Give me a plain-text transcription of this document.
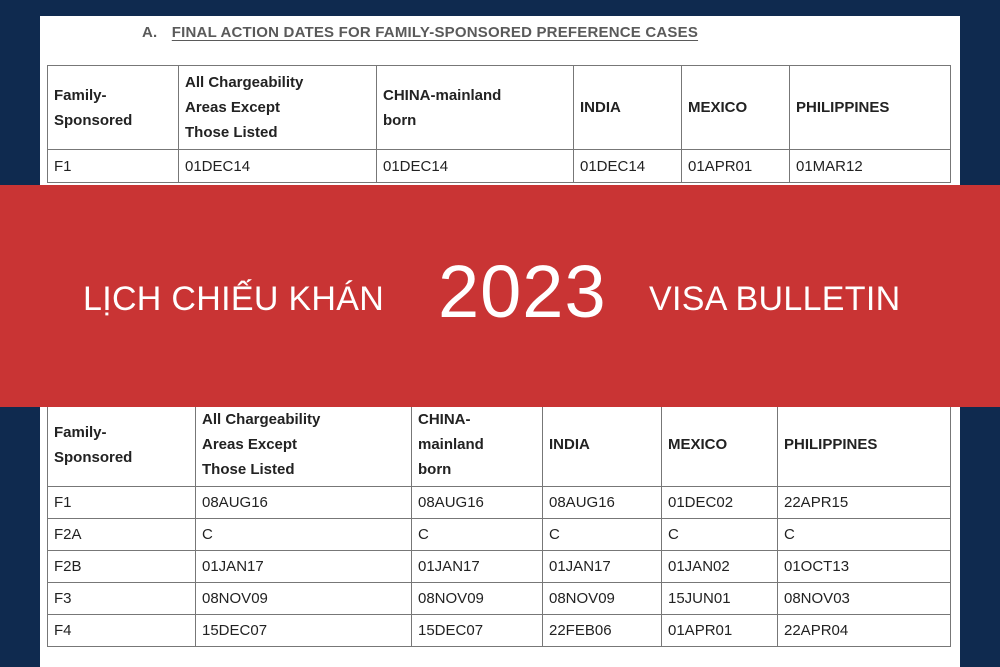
A. FINAL ACTION DATES FOR FAMILY-SPONSORED PREFERENCE CASES
Family-
Sponsored	All Chargeability
Areas Except
Those Listed	CHINA-mainland
born	INDIA	MEXICO	PHILIPPINES
F1	01DEC14	01DEC14	01DEC14	01APR01	01MAR12
Family-
Sponsored	All Chargeability
Areas Except
Those Listed	CHINA-
mainland
born	INDIA	MEXICO	PHILIPPINES
F1	08AUG16	08AUG16	08AUG16	01DEC02	22APR15
F2A	C	C	C	C	C
F2B	01JAN17	01JAN17	01JAN17	01JAN02	01OCT13
F3	08NOV09	08NOV09	08NOV09	15JUN01	08NOV03
F4	15DEC07	15DEC07	22FEB06	01APR01	22APR04
LỊCH CHIẾU KHÁN 2023 VISA BULLETIN
